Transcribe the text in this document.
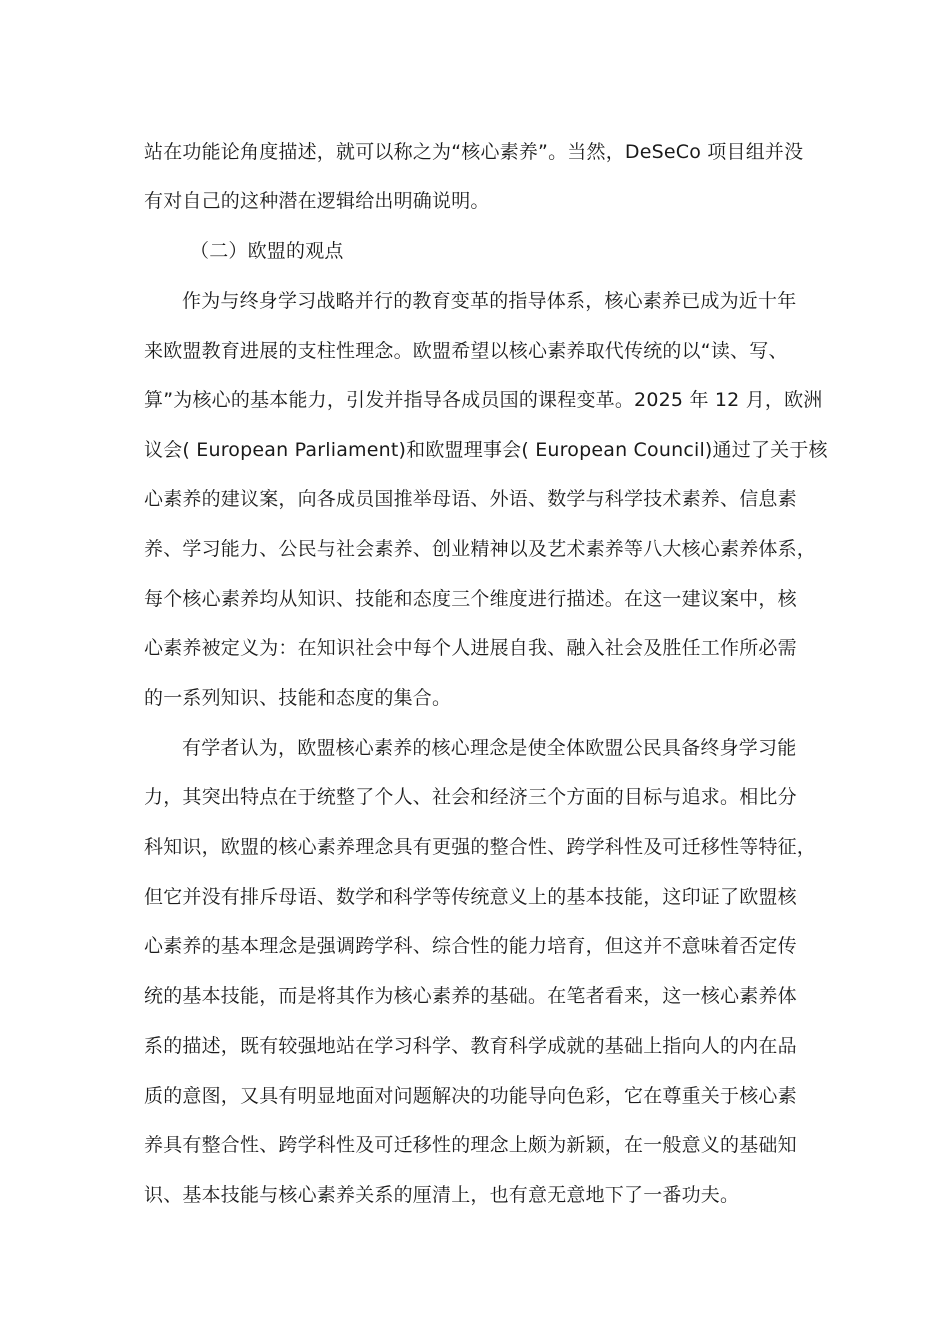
站在功能论角度描述，就可以称之为“核心素养”。当然，DeSeCo 项目组并没
有对自己的这种潜在逻辑给出明确说明。
（二）欧盟的观点
作为与终身学习战略并行的教育变革的指导体系，核心素养已成为近十年
来欧盟教育进展的支柱性理念。欧盟希望以核心素养取代传统的以“读、写、
算”为核心的基本能力，引发并指导各成员国的课程变革。2025 年 12 月，欧洲
议会( European Parliament)和欧盟理事会( European Council)通过了关于核
心素养的建议案，向各成员国推举母语、外语、数学与科学技术素养、信息素
养、学习能力、公民与社会素养、创业精神以及艺术素养等八大核心素养体系，
每个核心素养均从知识、技能和态度三个维度进行描述。在这一建议案中，核
心素养被定义为：在知识社会中每个人进展自我、融入社会及胜任工作所必需
的一系列知识、技能和态度的集合。
有学者认为，欧盟核心素养的核心理念是使全体欧盟公民具备终身学习能
力，其突出特点在于统整了个人、社会和经济三个方面的目标与追求。相比分
科知识，欧盟的核心素养理念具有更强的整合性、跨学科性及可迁移性等特征，
但它并没有排斥母语、数学和科学等传统意义上的基本技能，这印证了欧盟核
心素养的基本理念是强调跨学科、综合性的能力培育，但这并不意味着否定传
统的基本技能，而是将其作为核心素养的基础。在笔者看来，这一核心素养体
系的描述，既有较强地站在学习科学、教育科学成就的基础上指向人的内在品
质的意图，又具有明显地面对问题解决的功能导向色彩，它在尊重关于核心素
养具有整合性、跨学科性及可迁移性的理念上颇为新颖，在一般意义的基础知
识、基本技能与核心素养关系的厘清上，也有意无意地下了一番功夫。
